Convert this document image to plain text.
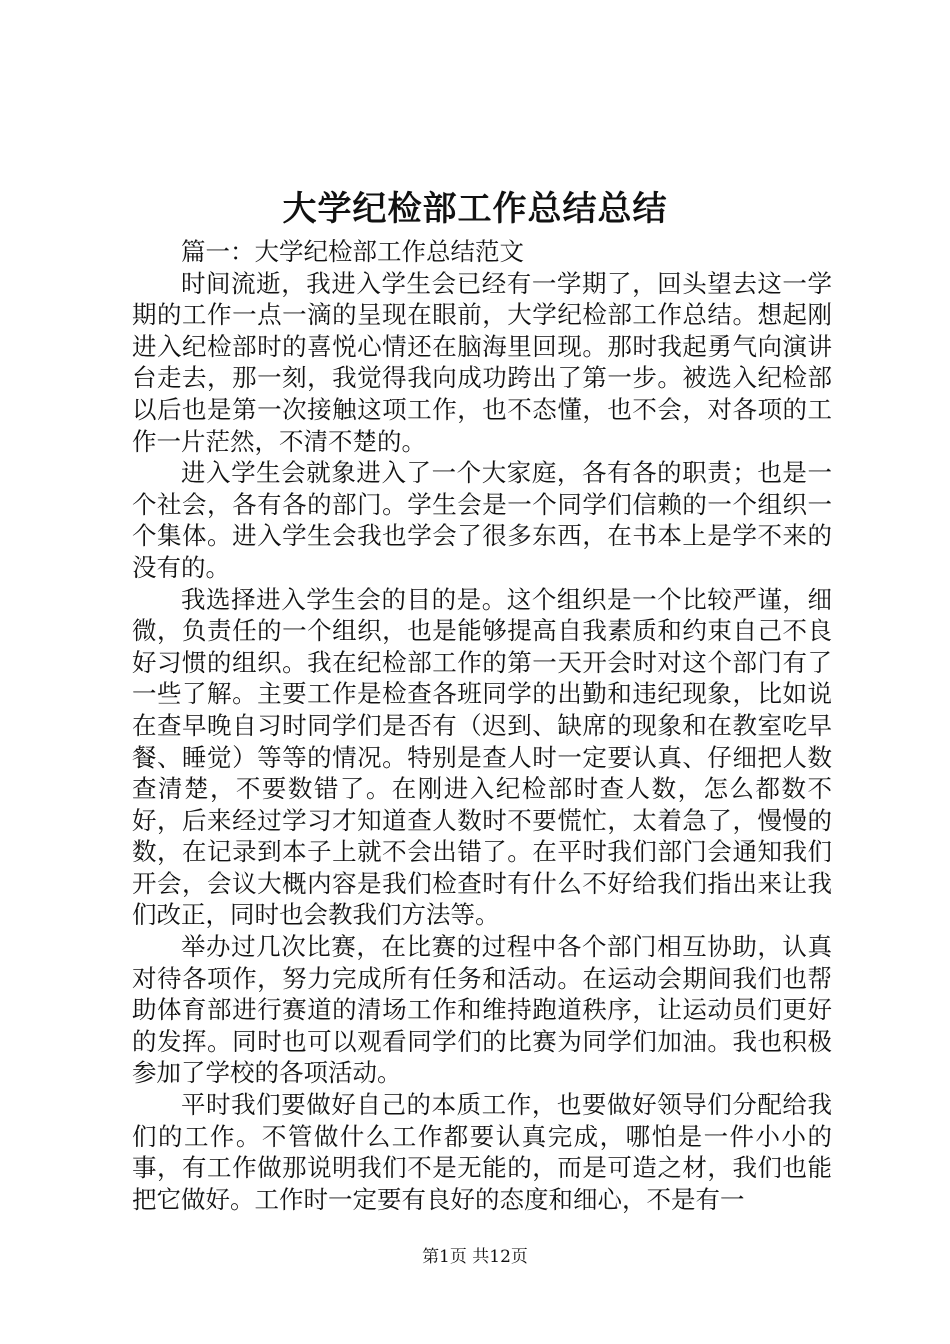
大学纪检部工作总结总结

篇一：大学纪检部工作总结范文

时间流逝，我进入学生会已经有一学期了，回头望去这一学期的工作一点一滴的呈现在眼前，大学纪检部工作总结。想起刚进入纪检部时的喜悦心情还在脑海里回现。那时我起勇气向演讲台走去，那一刻，我觉得我向成功跨出了第一步。被选入纪检部以后也是第一次接触这项工作，也不态懂，也不会，对各项的工作一片茫然，不清不楚的。

进入学生会就象进入了一个大家庭，各有各的职责；也是一个社会，各有各的部门。学生会是一个同学们信赖的一个组织一个集体。进入学生会我也学会了很多东西，在书本上是学不来的没有的。

我选择进入学生会的目的是。这个组织是一个比较严谨，细微，负责任的一个组织，也是能够提高自我素质和约束自己不良好习惯的组织。我在纪检部工作的第一天开会时对这个部门有了一些了解。主要工作是检查各班同学的出勤和违纪现象，比如说在查早晚自习时同学们是否有（迟到、缺席的现象和在教室吃早餐、睡觉）等等的情况。特别是查人时一定要认真、仔细把人数查清楚，不要数错了。在刚进入纪检部时查人数，怎么都数不好，后来经过学习才知道查人数时不要慌忙，太着急了，慢慢的数，在记录到本子上就不会出错了。在平时我们部门会通知我们开会，会议大概内容是我们检查时有什么不好给我们指出来让我们改正，同时也会教我们方法等。

举办过几次比赛，在比赛的过程中各个部门相互协助，认真对待各项作，努力完成所有任务和活动。在运动会期间我们也帮助体育部进行赛道的清场工作和维持跑道秩序，让运动员们更好的发挥。同时也可以观看同学们的比赛为同学们加油。我也积极参加了学校的各项活动。

平时我们要做好自己的本质工作，也要做好领导们分配给我们的工作。不管做什么工作都要认真完成，哪怕是一件小小的事，有工作做那说明我们不是无能的，而是可造之材，我们也能把它做好。工作时一定要有良好的态度和细心，不是有一

第1页 共12页
